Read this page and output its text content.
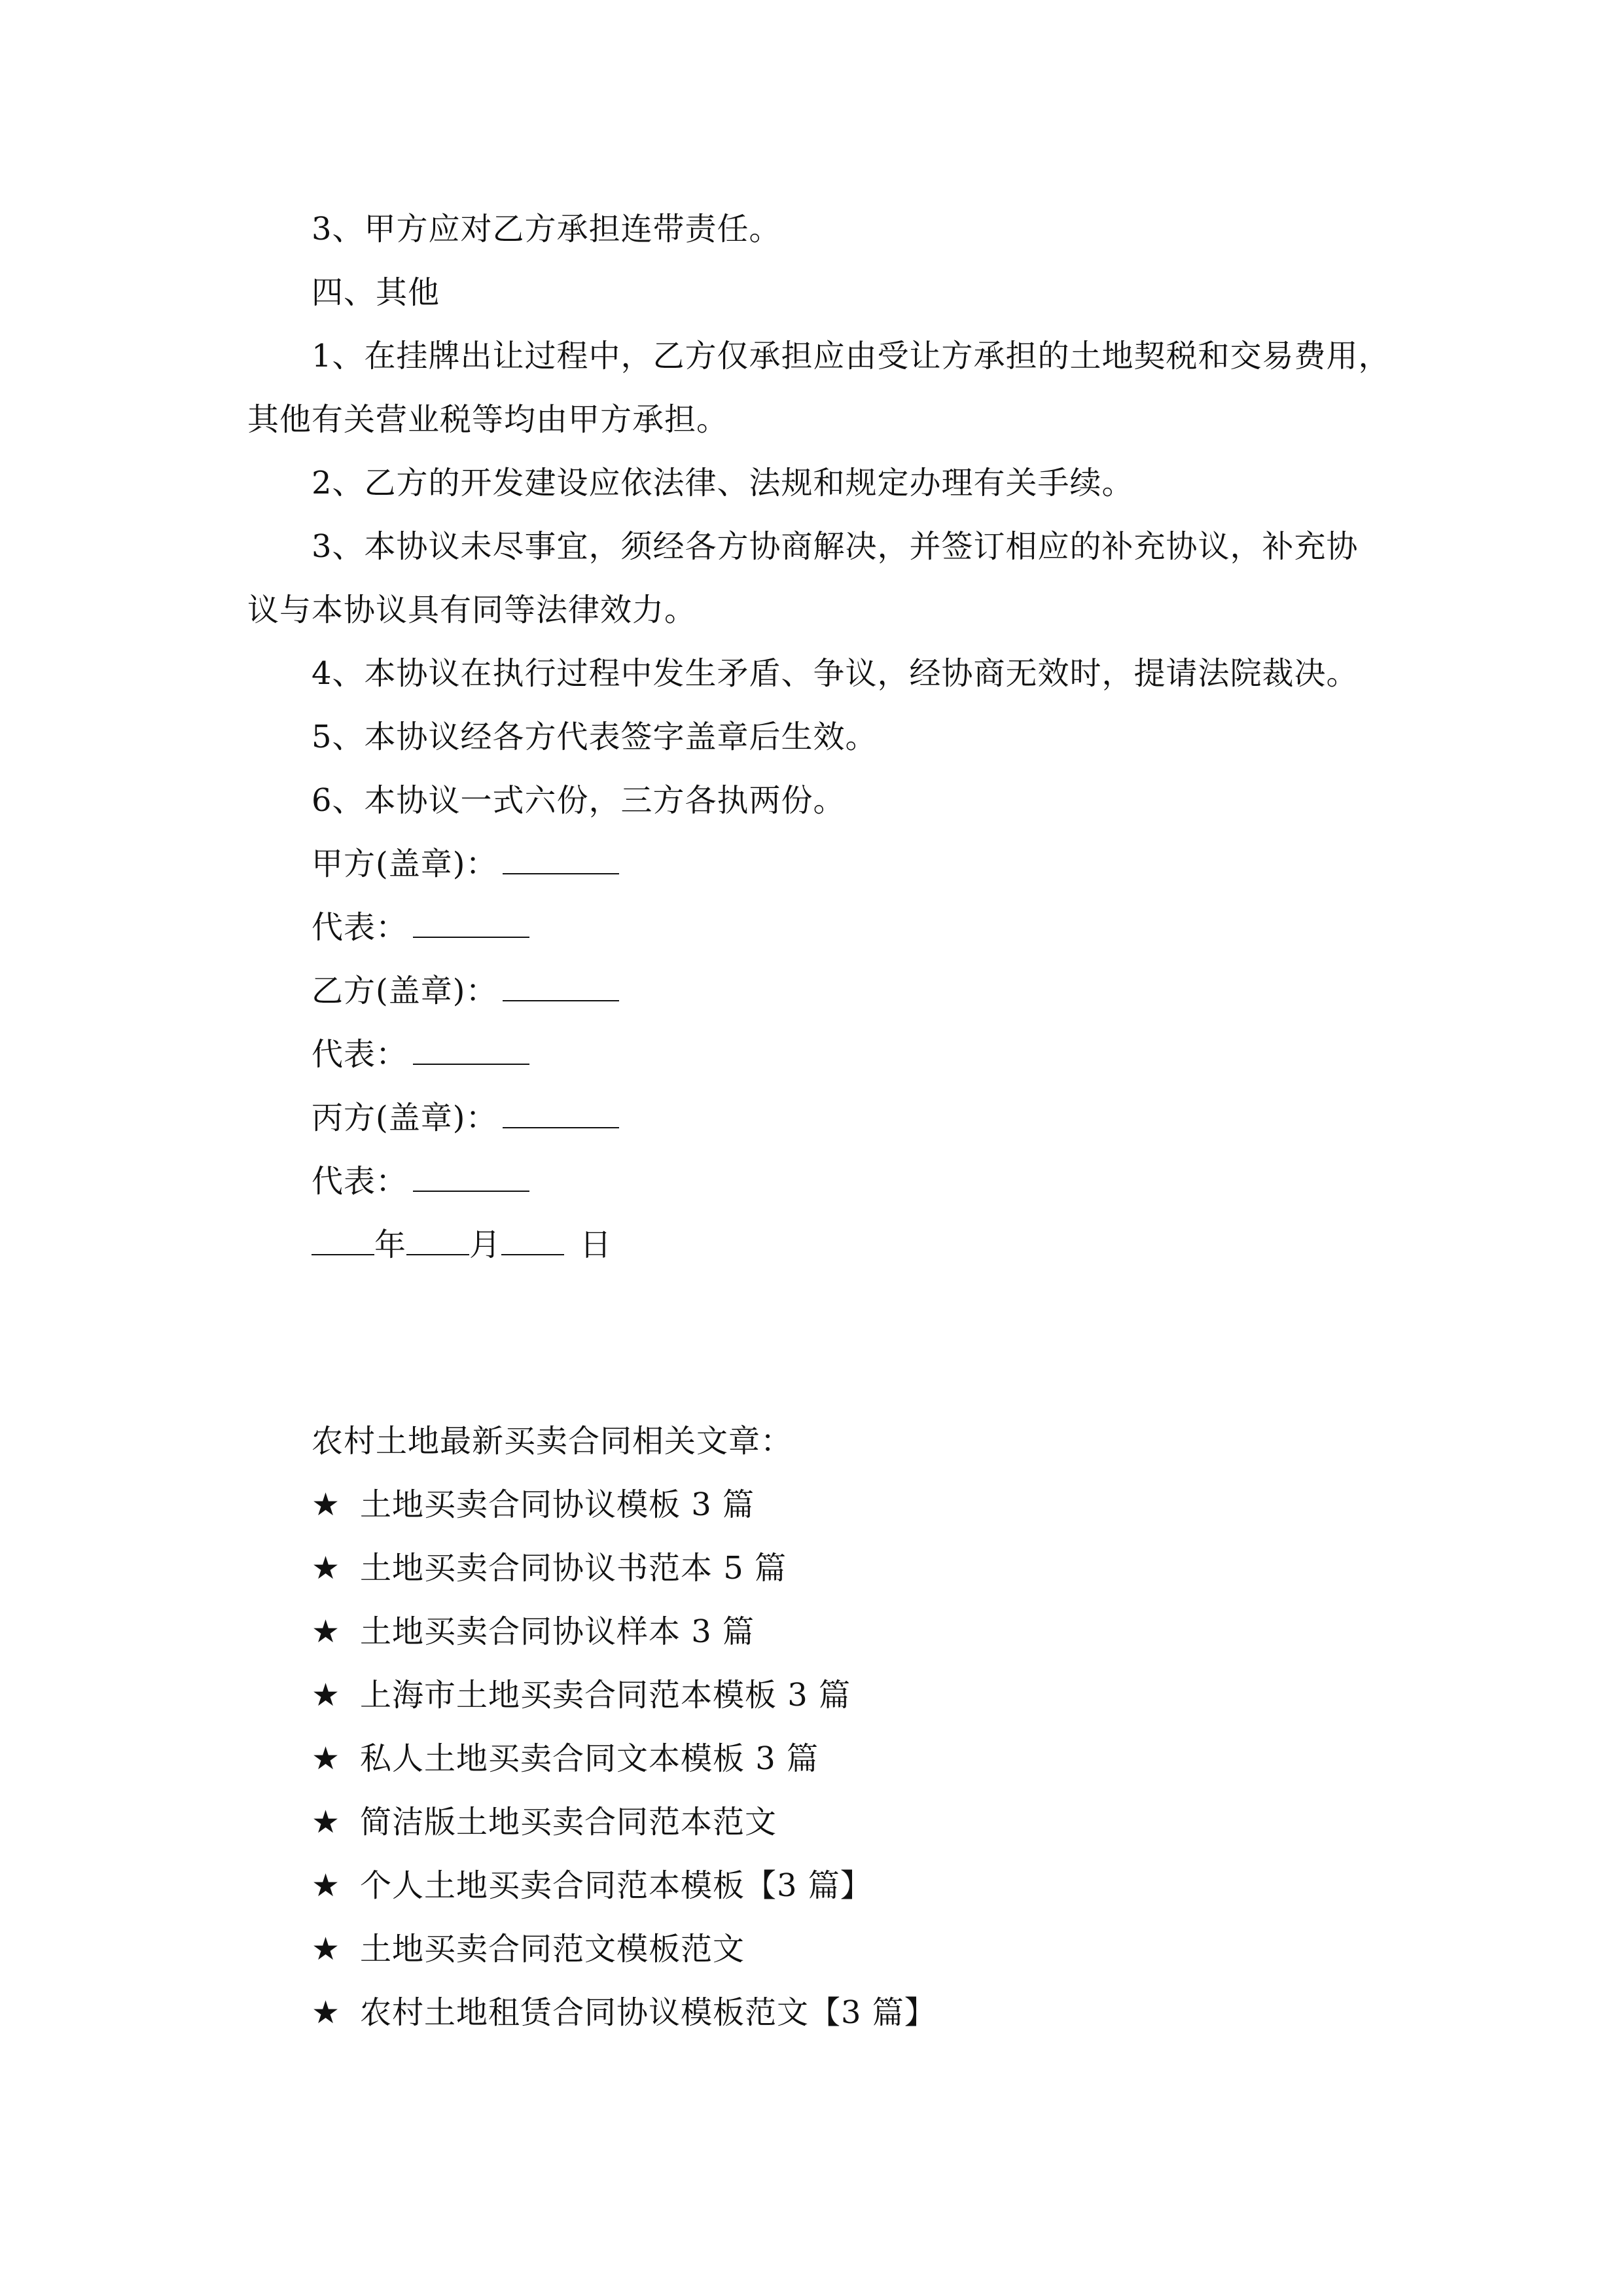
3、甲方应对乙方承担连带责任。
四、其他
1、在挂牌出让过程中，乙方仅承担应由受让方承担的土地契税和交易费用，
其他有关营业税等均由甲方承担。
2、乙方的开发建设应依法律、法规和规定办理有关手续。
3、本协议未尽事宜，须经各方协商解决，并签订相应的补充协议，补充协
议与本协议具有同等法律效力。
4、本协议在执行过程中发生矛盾、争议，经协商无效时，提请法院裁决。
5、本协议经各方代表签字盖章后生效。
6、本协议一式六份，三方各执两份。
甲方(盖章)：
代表：
乙方(盖章)：
代表：
丙方(盖章)：
代表：
年 月	日
农村土地最新买卖合同相关文章：
★ 土地买卖合同协议模板 3 篇
★ 土地买卖合同协议书范本 5 篇
★ 土地买卖合同协议样本 3 篇
★ 上海市土地买卖合同范本模板 3 篇
★ 私人土地买卖合同文本模板 3 篇
★ 简洁版土地买卖合同范本范文
★ 个人土地买卖合同范本模板【3 篇】
★ 土地买卖合同范文模板范文
★ 农村土地租赁合同协议模板范文【3 篇】
